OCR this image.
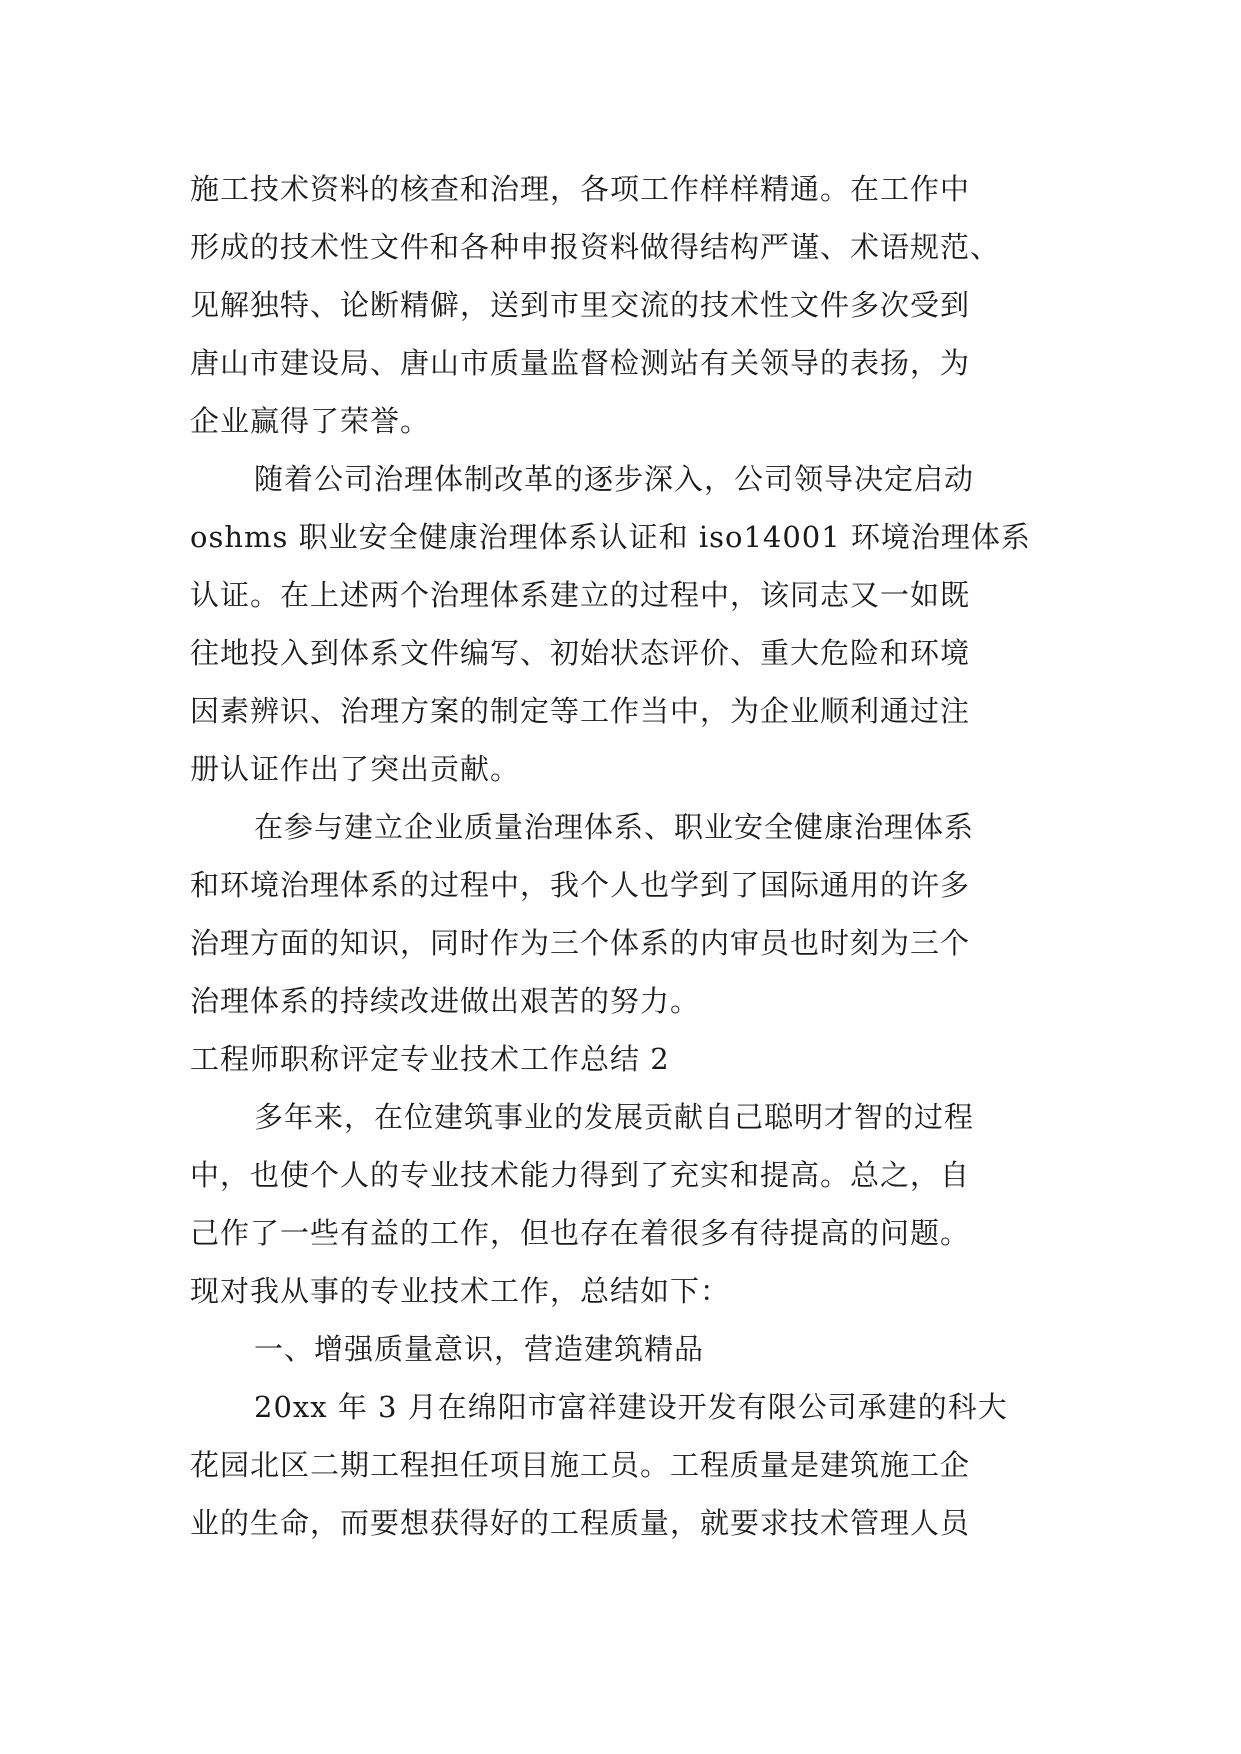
施工技术资料的核查和治理，各项工作样样精通。在工作中
形成的技术性文件和各种申报资料做得结构严谨、术语规范、
见解独特、论断精僻，送到市里交流的技术性文件多次受到
唐山市建设局、唐山市质量监督检测站有关领导的表扬，为
企业赢得了荣誉。
随着公司治理体制改革的逐步深入，公司领导决定启动
oshms 职业安全健康治理体系认证和 iso14001 环境治理体系
认证。在上述两个治理体系建立的过程中，该同志又一如既
往地投入到体系文件编写、初始状态评价、重大危险和环境
因素辨识、治理方案的制定等工作当中，为企业顺利通过注
册认证作出了突出贡献。
在参与建立企业质量治理体系、职业安全健康治理体系
和环境治理体系的过程中，我个人也学到了国际通用的许多
治理方面的知识，同时作为三个体系的内审员也时刻为三个
治理体系的持续改进做出艰苦的努力。
工程师职称评定专业技术工作总结 2
多年来，在位建筑事业的发展贡献自己聪明才智的过程
中，也使个人的专业技术能力得到了充实和提高。总之，自
己作了一些有益的工作，但也存在着很多有待提高的问题。
现对我从事的专业技术工作，总结如下：
一、增强质量意识，营造建筑精品
20xx 年 3 月在绵阳市富祥建设开发有限公司承建的科大
花园北区二期工程担任项目施工员。工程质量是建筑施工企
业的生命，而要想获得好的工程质量，就要求技术管理人员
